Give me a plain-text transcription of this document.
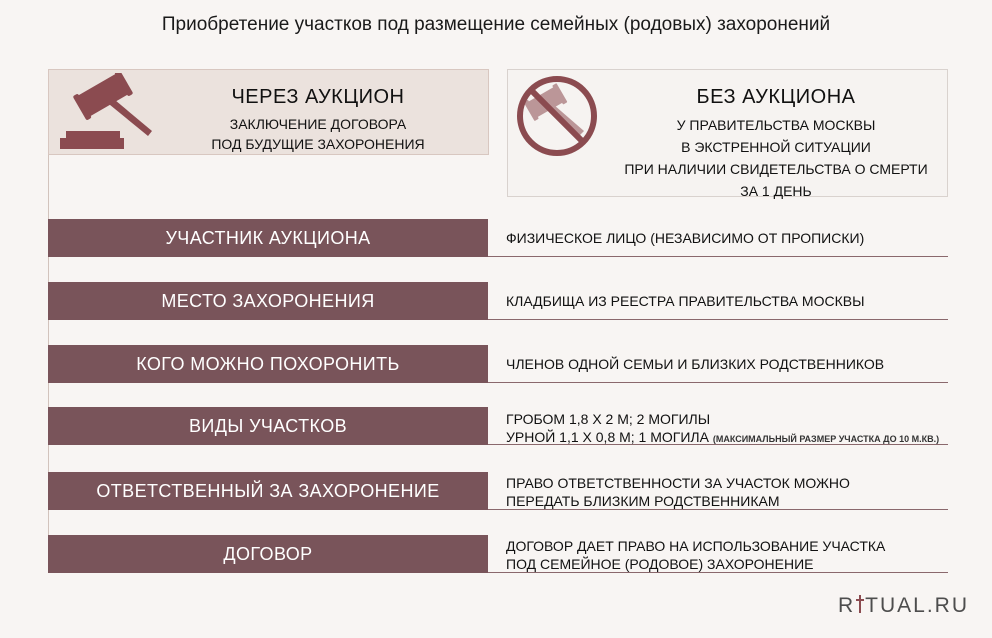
Приобретение участков под размещение семейных (родовых) захоронений
ЧЕРЕЗ АУКЦИОН
ЗАКЛЮЧЕНИЕ ДОГОВОРА
ПОД БУДУЩИЕ ЗАХОРОНЕНИЯ
БЕЗ АУКЦИОНА
У ПРАВИТЕЛЬСТВА МОСКВЫ
В ЭКСТРЕННОЙ СИТУАЦИИ
ПРИ НАЛИЧИИ СВИДЕТЕЛЬСТВА О СМЕРТИ
ЗА 1 ДЕНЬ
УЧАСТНИК АУКЦИОНА	ФИЗИЧЕСКОЕ ЛИЦО (НЕЗАВИСИМО ОТ ПРОПИСКИ)
МЕСТО ЗАХОРОНЕНИЯ	КЛАДБИЩА ИЗ РЕЕСТРА ПРАВИТЕЛЬСТВА МОСКВЫ
КОГО МОЖНО ПОХОРОНИТЬ	ЧЛЕНОВ ОДНОЙ СЕМЬИ И БЛИЗКИХ РОДСТВЕННИКОВ
ВИДЫ УЧАСТКОВ	ГРОБОМ 1,8 Х 2 М; 2 МОГИЛЫ
УРНОЙ 1,1 Х 0,8 М; 1 МОГИЛА (МАКСИМАЛЬНЫЙ РАЗМЕР УЧАСТКА ДО 10 М.КВ.)
ОТВЕТСТВЕННЫЙ ЗА ЗАХОРОНЕНИЕ	ПРАВО ОТВЕТСТВЕННОСТИ ЗА УЧАСТОК МОЖНО
ПЕРЕДАТЬ БЛИЗКИМ РОДСТВЕННИКАМ
ДОГОВОР	ДОГОВОР ДАЕТ ПРАВО НА ИСПОЛЬЗОВАНИЕ УЧАСТКА
ПОД СЕМЕЙНОЕ (РОДОВОЕ) ЗАХОРОНЕНИЕ
R TUAL.RU
